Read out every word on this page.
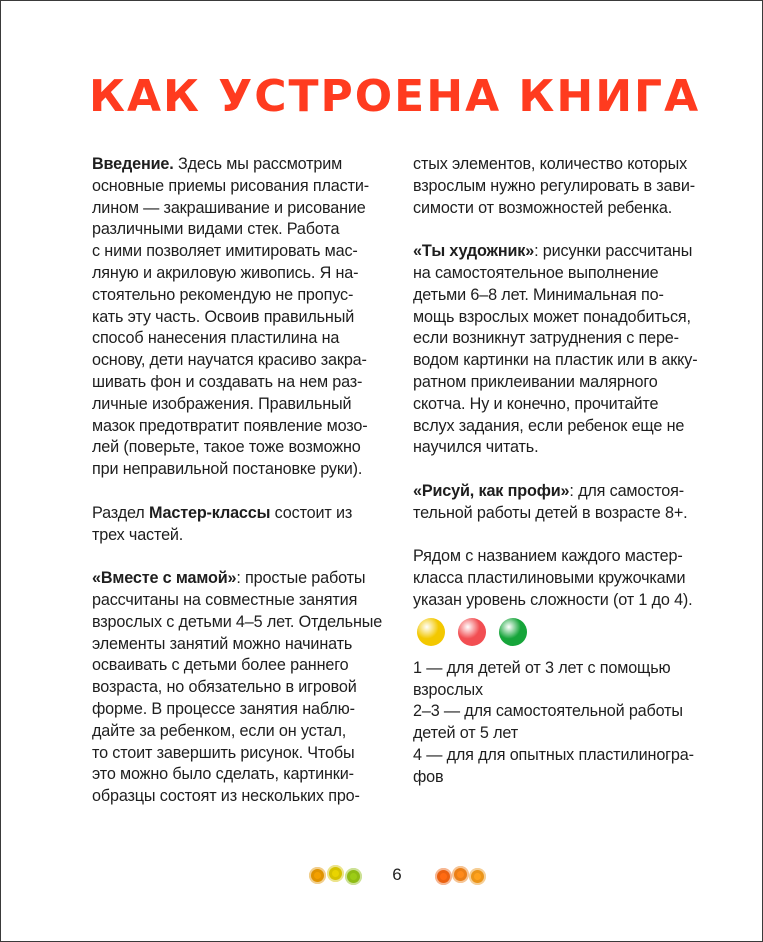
КАК УСТРОЕНА КНИГА
Введение. Здесь мы рассмотрим
основные приемы рисования пласти-
лином — закрашивание и рисование
различными видами стек. Работа
с ними позволяет имитировать мас-
ляную и акриловую живопись. Я на-
стоятельно рекомендую не пропус-
кать эту часть. Освоив правильный
способ нанесения пластилина на
основу, дети научатся красиво закра-
шивать фон и создавать на нем раз-
личные изображения. Правильный
мазок предотвратит появление мозо-
лей (поверьте, такое тоже возможно
при неправильной постановке руки).
Раздел Мастер-классы состоит из
трех частей.
«Вместе с мамой»: простые работы
рассчитаны на совместные занятия
взрослых с детьми 4–5 лет. Отдельные
элементы занятий можно начинать
осваивать с детьми более раннего
возраста, но обязательно в игровой
форме. В процессе занятия наблю-
дайте за ребенком, если он устал,
то стоит завершить рисунок. Чтобы
это можно было сделать, картинки-
образцы состоят из нескольких про-
стых элементов, количество которых
взрослым нужно регулировать в зави-
симости от возможностей ребенка.
«Ты художник»: рисунки рассчитаны
на самостоятельное выполнение
детьми 6–8 лет. Минимальная по-
мощь взрослых может понадобиться,
если возникнут затруднения с пере-
водом картинки на пластик или в акку-
ратном приклеивании малярного
скотча. Ну и конечно, прочитайте
вслух задания, если ребенок еще не
научился читать.
«Рисуй, как профи»: для самостоя-
тельной работы детей в возрасте 8+.
Рядом с названием каждого мастер-
класса пластилиновыми кружочками
указан уровень сложности (от 1 до 4).
1 — для детей от 3 лет с помощью
взрослых
2–3 — для самостоятельной работы
детей от 5 лет
4 — для для опытных пластилиногра-
фов
6
